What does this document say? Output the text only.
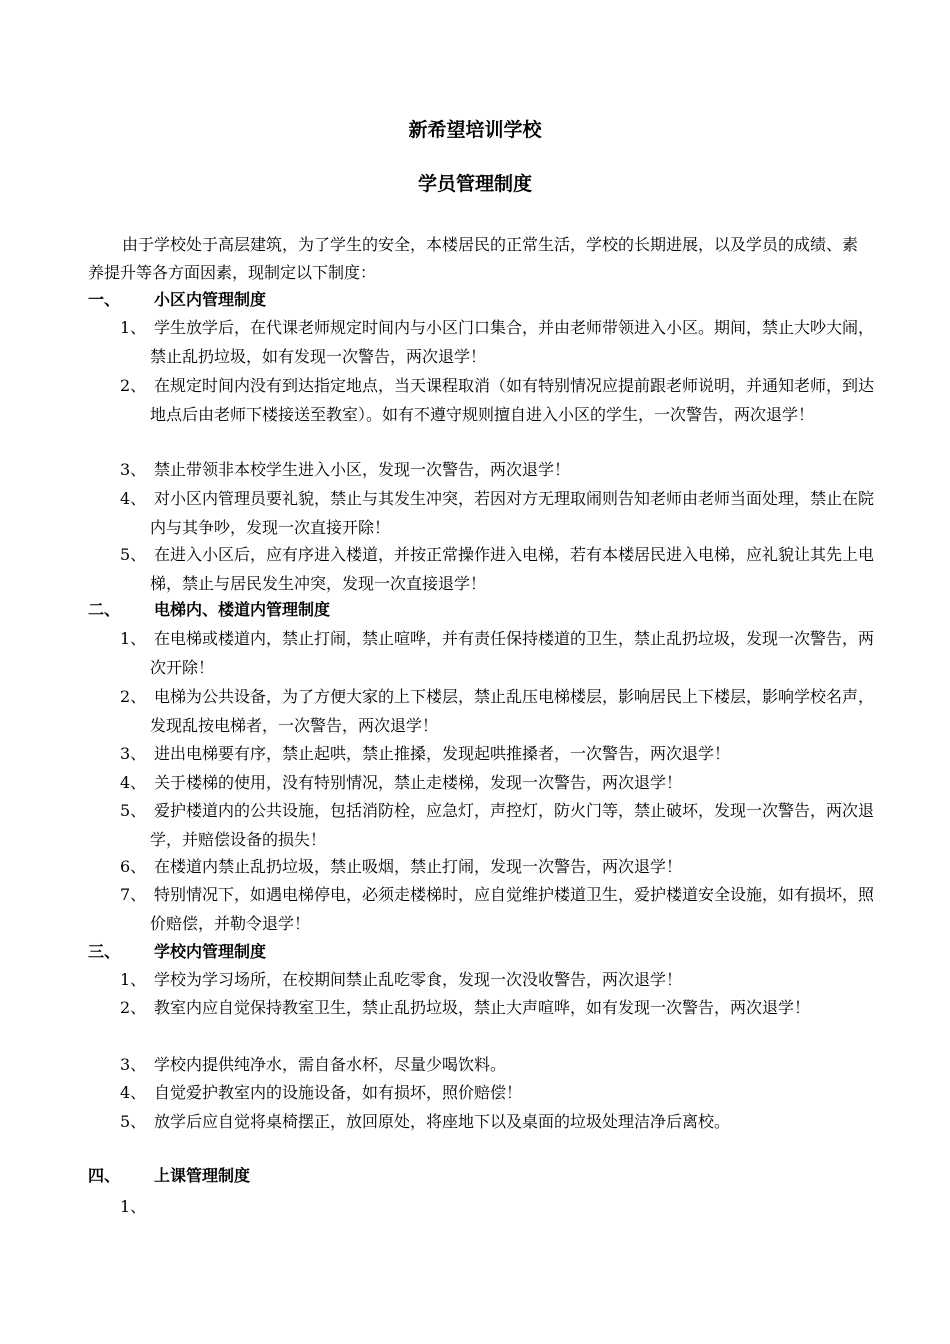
新希望培训学校
学员管理制度
由于学校处于高层建筑，为了学生的安全，本楼居民的正常生活，学校的长期进展，以及学员的成绩、素养提升等各方面因素，现制定以下制度：
一、 小区内管理制度
1、 学生放学后，在代课老师规定时间内与小区门口集合，并由老师带领进入小区。期间，禁止大吵大闹，禁止乱扔垃圾，如有发现一次警告，两次退学！
2、 在规定时间内没有到达指定地点，当天课程取消（如有特别情况应提前跟老师说明，并通知老师，到达地点后由老师下楼接送至教室）。如有不遵守规则擅自进入小区的学生，一次警告，两次退学！
3、 禁止带领非本校学生进入小区，发现一次警告，两次退学！
4、 对小区内管理员要礼貌，禁止与其发生冲突，若因对方无理取闹则告知老师由老师当面处理，禁止在院内与其争吵，发现一次直接开除！
5、 在进入小区后，应有序进入楼道，并按正常操作进入电梯，若有本楼居民进入电梯，应礼貌让其先上电梯，禁止与居民发生冲突，发现一次直接退学！
二、 电梯内、楼道内管理制度
1、 在电梯或楼道内，禁止打闹，禁止喧哗，并有责任保持楼道的卫生，禁止乱扔垃圾，发现一次警告，两次开除！
2、 电梯为公共设备，为了方便大家的上下楼层，禁止乱压电梯楼层，影响居民上下楼层，影响学校名声，发现乱按电梯者，一次警告，两次退学！
3、 进出电梯要有序，禁止起哄，禁止推搡，发现起哄推搡者，一次警告，两次退学！
4、 关于楼梯的使用，没有特别情况，禁止走楼梯，发现一次警告，两次退学！
5、 爱护楼道内的公共设施，包括消防栓，应急灯，声控灯，防火门等，禁止破坏，发现一次警告，两次退学，并赔偿设备的损失！
6、 在楼道内禁止乱扔垃圾，禁止吸烟，禁止打闹，发现一次警告，两次退学！
7、 特别情况下，如遇电梯停电，必须走楼梯时，应自觉维护楼道卫生，爱护楼道安全设施，如有损坏，照价赔偿，并勒令退学！
三、 学校内管理制度
1、 学校为学习场所，在校期间禁止乱吃零食，发现一次没收警告，两次退学！
2、 教室内应自觉保持教室卫生，禁止乱扔垃圾，禁止大声喧哗，如有发现一次警告，两次退学！
3、 学校内提供纯净水，需自备水杯，尽量少喝饮料。
4、 自觉爱护教室内的设施设备，如有损坏，照价赔偿！
5、 放学后应自觉将桌椅摆正，放回原处，将座地下以及桌面的垃圾处理洁净后离校。
四、 上课管理制度
1、
